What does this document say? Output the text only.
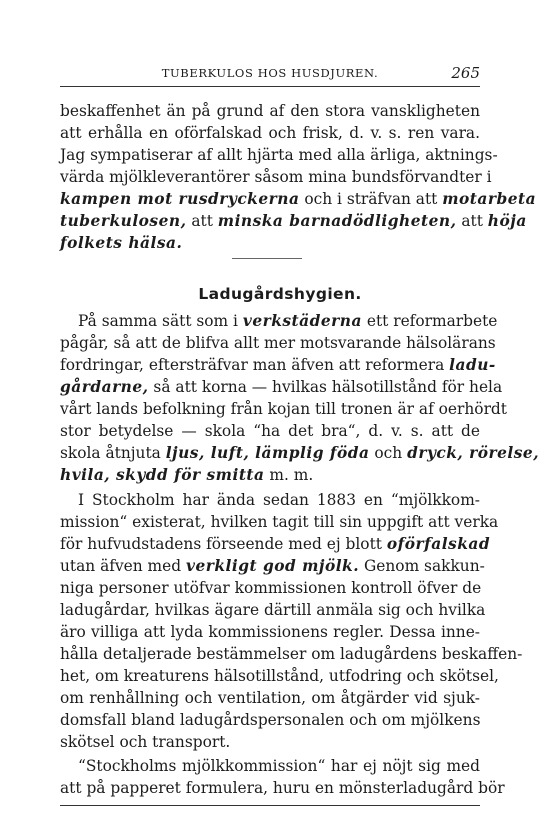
TUBERKULOS HOS HUSDJUREN.	265
beskaffenhet än på grund af den stora vanskligheten
att erhålla en oförfalskad och frisk, d. v. s. ren vara.
Jag sympatiserar af allt hjärta med alla ärliga, aktnings-
värda mjölkleverantörer såsom mina bundsförvandter i
kampen mot rusdryckerna och i sträfvan att motarbeta
tuberkulosen, att minska barnadödligheten, att höja
folkets hälsa.
På samma sätt som i verkstäderna ett reformarbete
pågår, så att de blifva allt mer motsvarande hälsolärans
fordringar, eftersträfvar man äfven att reformera ladu-
gårdarne, så att korna — hvilkas hälsotillstånd för hela
vårt lands befolkning från kojan till tronen är af oerhördt
stor betydelse — skola “ha det bra“, d. v. s. att de
skola åtnjuta ljus, luft, lämplig föda och dryck, rörelse,
hvila, skydd för smitta m. m.
I Stockholm har ända sedan 1883 en “mjölkkom-
mission“ existerat, hvilken tagit till sin uppgift att verka
för hufvudstadens förseende med ej blott oförfalskad
utan äfven med verkligt god mjölk. Genom sakkun-
niga personer utöfvar kommissionen kontroll öfver de
ladugårdar, hvilkas ägare därtill anmäla sig och hvilka
äro villiga att lyda kommissionens regler. Dessa inne-
hålla detaljerade bestämmelser om ladugårdens beskaffen-
het, om kreaturens hälsotillstånd, utfodring och skötsel,
om renhållning och ventilation, om åtgärder vid sjuk-
domsfall bland ladugårdspersonalen och om mjölkens
skötsel och transport.
“Stockholms mjölkkommission“ har ej nöjt sig med
att på papperet formulera, huru en mönsterladugård bör
Ladugårdshygien.
